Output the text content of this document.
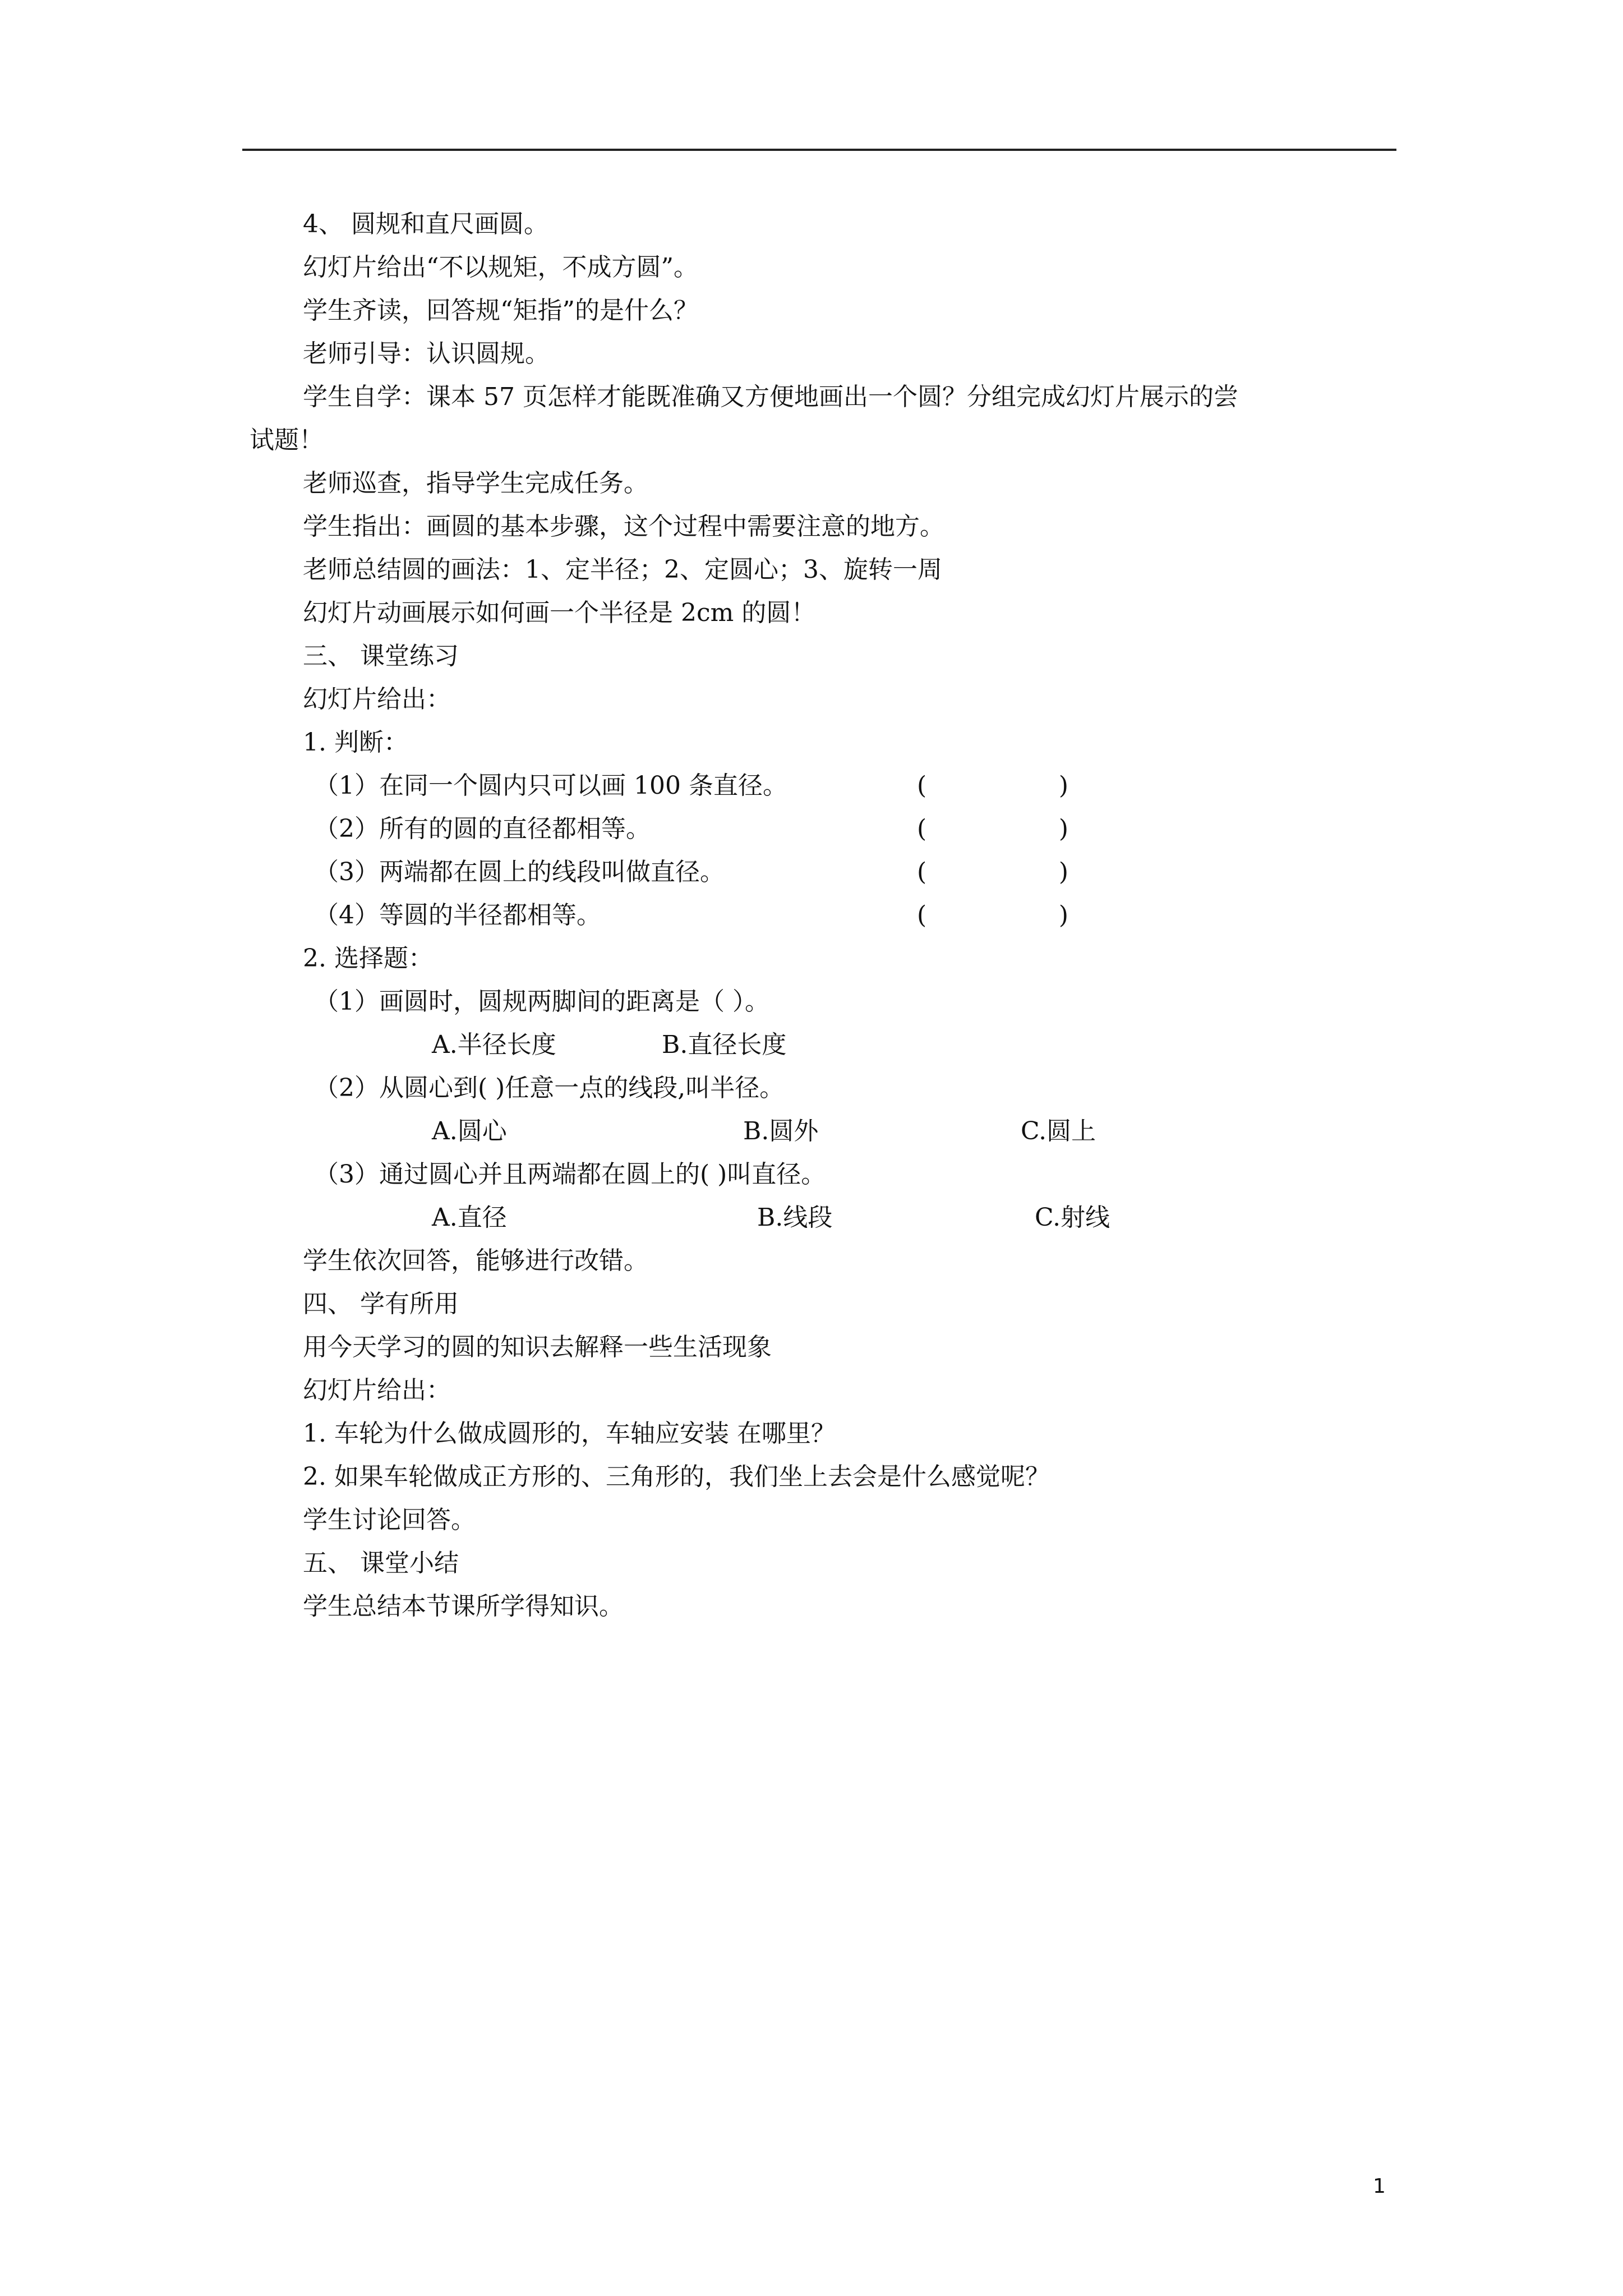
4、 圆规和直尺画圆。
幻灯片给出“不以规矩，不成方圆”。
学生齐读，回答规“矩指”的是什么？
老师引导：认识圆规。
学生自学：课本 57 页怎样才能既准确又方便地画出一个圆？分组完成幻灯片展示的尝
试题！
老师巡查，指导学生完成任务。
学生指出：画圆的基本步骤，这个过程中需要注意的地方。
老师总结圆的画法：1、定半径；2、定圆心；3、旋转一周
幻灯片动画展示如何画一个半径是 2cm 的圆！
三、 课堂练习
幻灯片给出：
1. 判断：
（1）在同一个圆内只可以画 100 条直径。	(	)
（2）所有的圆的直径都相等。	(	)
（3）两端都在圆上的线段叫做直径。	(	)
（4）等圆的半径都相等。	(	)
2. 选择题：
（1）画圆时，圆规两脚间的距离是（ ）。
A.半径长度	B.直径长度
（2）从圆心到( )任意一点的线段,叫半径。
A.圆心	B.圆外	C.圆上
（3）通过圆心并且两端都在圆上的( )叫直径。
A.直径	B.线段	C.射线
学生依次回答，能够进行改错。
四、 学有所用
用今天学习的圆的知识去解释一些生活现象
幻灯片给出：
1. 车轮为什么做成圆形的，车轴应安装 在哪里？
2. 如果车轮做成正方形的、三角形的，我们坐上去会是什么感觉呢？
学生讨论回答。
五、 课堂小结
学生总结本节课所学得知识。
1
